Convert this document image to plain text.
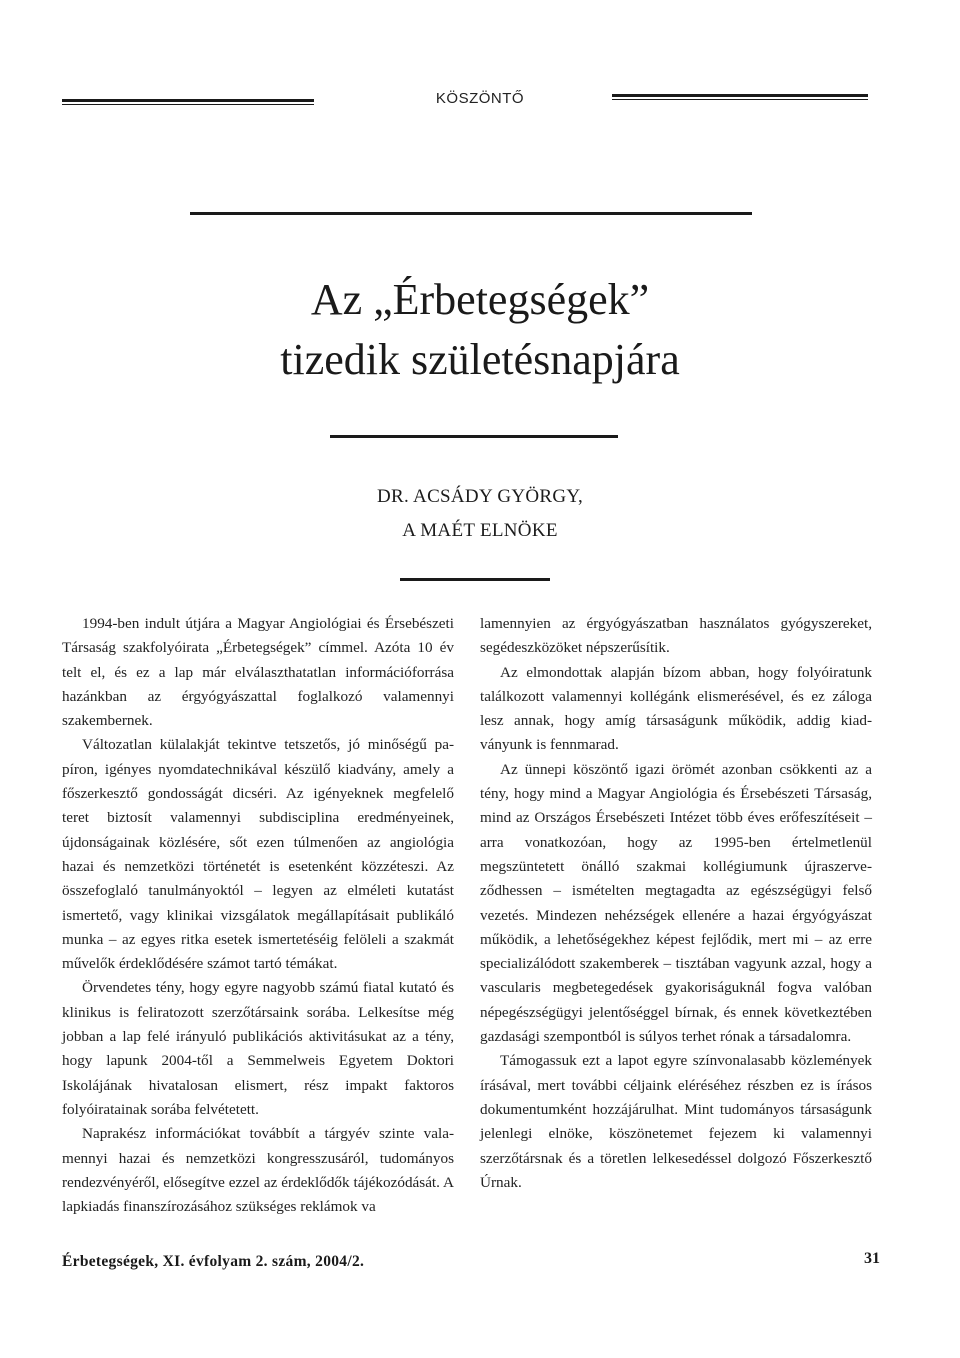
KÖSZÖNTŐ
Az „Érbetegségek”
tizedik születésnapjára
DR. ACSÁDY GYÖRGY,
A MAÉT ELNÖKE

1994-ben indult útjára a Magyar Angiológiai és Érsebészeti Társaság szakfolyóirata „Érbetegségek” címmel. Azóta 10 év telt el, és ez a lap már elválaszthatatlan információforrása hazánkban az érgyógyászattal foglalkozó valamennyi szakembernek.

Változatlan külalakját tekintve tetszetős, jó minőségű papíron, igényes nyomdatechnikával készülő kiadvány, amely a főszerkesztő gondosságát dicséri. Az igényeknek megfelelő teret biztosít valamennyi subdisciplina eredményeinek, újdonságainak közlésére, sőt ezen túlmenően az angiológia hazai és nemzetközi történetét is esetenként közzéteszi. Az összefoglaló tanulmányoktól – legyen az elméleti kutatást ismertető, vagy klinikai vizsgálatok megállapításait publikáló munka – az egyes ritka esetek ismertetéséig felöleli a szakmát művelők érdeklődésére számot tartó témákat.

Örvendetes tény, hogy egyre nagyobb számú fiatal kutató és klinikus is feliratozott szerzőtársaink sorába. Lelkesítse még jobban a lap felé irányuló publikációs aktivitásukat az a tény, hogy lapunk 2004-től a Semmelweis Egyetem Doktori Iskolájának hivatalosan elismert, rész impakt faktoros folyóiratainak sorába felvétetett.

Naprakész információkat továbbít a tárgyév szinte valamennyi hazai és nemzetközi kongresszusáról, tudományos rendezvényéről, elősegítve ezzel az érdeklődők tájékozódását. A lapkiadás finanszírozásához szükséges reklámok va

lamennyien az érgyógyászatban használatos gyógyszereket, segédeszközöket népszerűsítik.

Az elmondottak alapján bízom abban, hogy folyóiratunk találkozott valamennyi kollégánk elismerésével, és ez záloga lesz annak, hogy amíg társaságunk működik, addig kiadványunk is fennmarad.

Az ünnepi köszöntő igazi örömét azonban csökkenti az a tény, hogy mind a Magyar Angiológia és Érsebészeti Társaság, mind az Országos Érsebészeti Intézet több éves erőfeszítéseit – arra vonatkozóan, hogy az 1995-ben értelmetlenül megszüntetett önálló szakmai kollégiumunk újraszerveződhessen – ismételten megtagadta az egészségügyi felső vezetés. Mindezen nehézségek ellenére a hazai érgyógyászat működik, a lehetőségekhez képest fejlődik, mert mi – az erre specializálódott szakemberek – tisztában vagyunk azzal, hogy a vascularis megbetegedések gyakoriságuknál fogva valóban népegészségügyi jelentőséggel bírnak, és ennek következtében gazdasági szempontból is súlyos terhet rónak a társadalomra.

Támogassuk ezt a lapot egyre színvonalasabb közlemények írásával, mert további céljaink eléréséhez részben ez is írásos dokumentumként hozzájárulhat. Mint tudományos társaságunk jelenlegi elnöke, köszönetemet fejezem ki valamennyi szerzőtársnak és a töretlen lelkesedéssel dolgozó Főszerkesztő Úrnak.

Érbetegségek, XI. évfolyam 2. szám, 2004/2.	31
